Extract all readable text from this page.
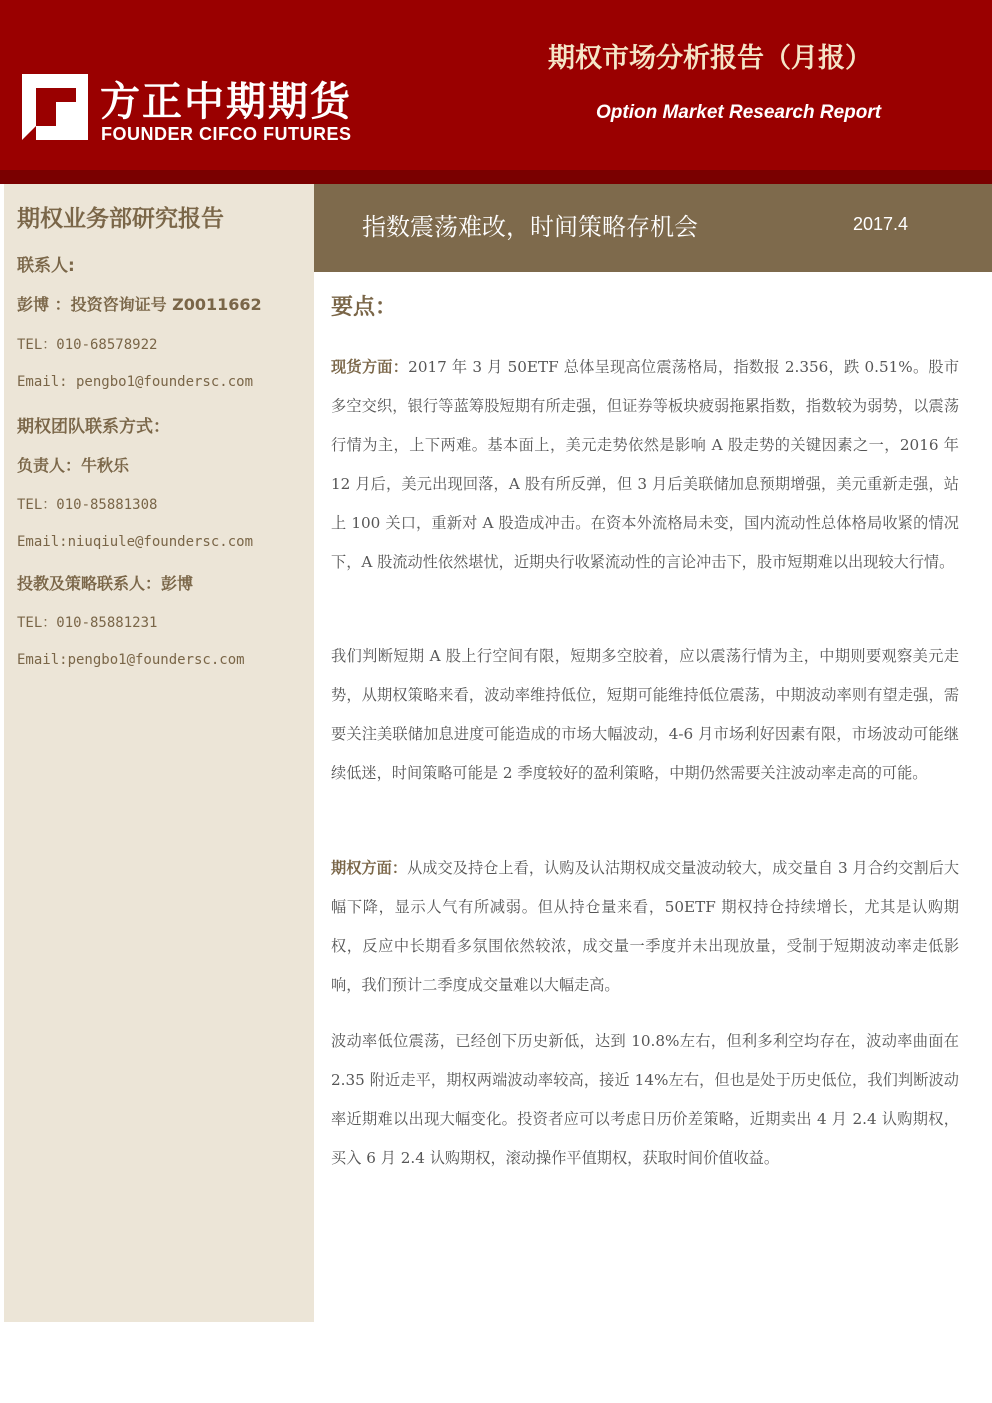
方正中期期货
FOUNDER CIFCO FUTURES
期权市场分析报告（月报）
Option Market Research Report
期权业务部研究报告
联系人:
彭博 ：投资咨询证号 Z0011662
TEL：010-68578922
Email: pengbo1@foundersc.com
期权团队联系方式：
负责人：牛秋乐
TEL：010-85881308
Email:niuqiule@foundersc.com
投教及策略联系人：彭博
TEL：010-85881231
Email:pengbo1@foundersc.com
指数震荡难改，时间策略存机会	2017.4
要点：

现货方面：2017 年 3 月 50ETF 总体呈现高位震荡格局，指数报 2.356，跌 0.51%。股市多空交织，银行等蓝筹股短期有所走强，但证券等板块疲弱拖累指数，指数较为弱势，以震荡行情为主，上下两难。基本面上，美元走势依然是影响 A 股走势的关键因素之一，2016 年 12 月后，美元出现回落，A 股有所反弹，但 3 月后美联储加息预期增强，美元重新走强，站上 100 关口，重新对 A 股造成冲击。在资本外流格局未变，国内流动性总体格局收紧的情况下，A 股流动性依然堪忧，近期央行收紧流动性的言论冲击下，股市短期难以出现较大行情。

我们判断短期 A 股上行空间有限，短期多空胶着，应以震荡行情为主，中期则要观察美元走势，从期权策略来看，波动率维持低位，短期可能维持低位震荡，中期波动率则有望走强，需要关注美联储加息进度可能造成的市场大幅波动，4-6 月市场利好因素有限，市场波动可能继续低迷，时间策略可能是 2 季度较好的盈利策略，中期仍然需要关注波动率走高的可能。

期权方面：从成交及持仓上看，认购及认沽期权成交量波动较大，成交量自 3 月合约交割后大幅下降，显示人气有所减弱。但从持仓量来看，50ETF 期权持仓持续增长，尤其是认购期权，反应中长期看多氛围依然较浓，成交量一季度并未出现放量，受制于短期波动率走低影响，我们预计二季度成交量难以大幅走高。

波动率低位震荡，已经创下历史新低，达到 10.8%左右，但利多利空均存在，波动率曲面在 2.35 附近走平，期权两端波动率较高，接近 14%左右，但也是处于历史低位，我们判断波动率近期难以出现大幅变化。投资者应可以考虑日历价差策略，近期卖出 4 月 2.4 认购期权，买入 6 月 2.4 认购期权，滚动操作平值期权，获取时间价值收益。
